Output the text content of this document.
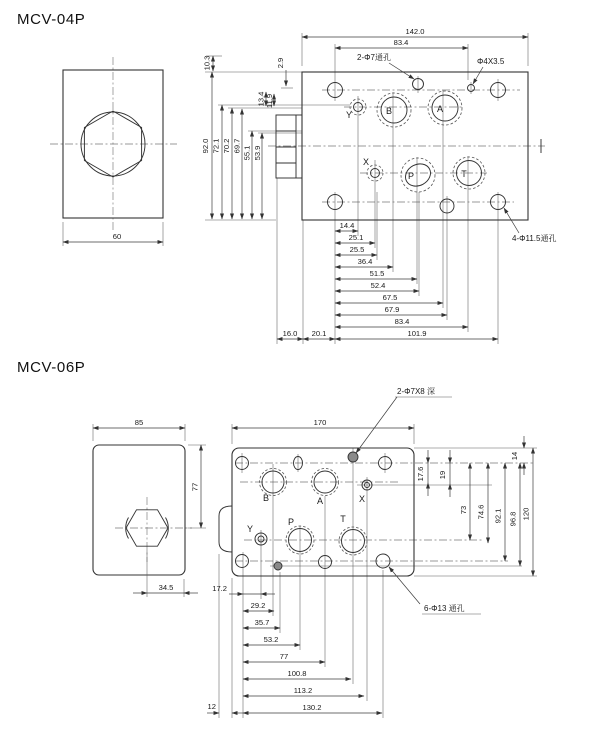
MCV-04P
60
B	A
P	T
X
Y
142.0
83.4
2-Φ7通孔	Φ4X3.5
92.0 72.1 70.2 69.7 55.1 53.9
13.4 11.9
10.3	2.9
14.4
25.1
25.5
36.4
51.5
52.4
67.5
67.9
83.4
101.9
16.0 20.1
4-Φ11.5通孔
MCV-06P
85
77
34.5
B	A	X
Y
P	T
170
2-Φ7X8 深
14
17.6 19
73 74.6 92.1 96.8 120
6-Φ13 通孔
17.2
29.2
35.7
53.2
77
100.8
113.2
130.2
12
